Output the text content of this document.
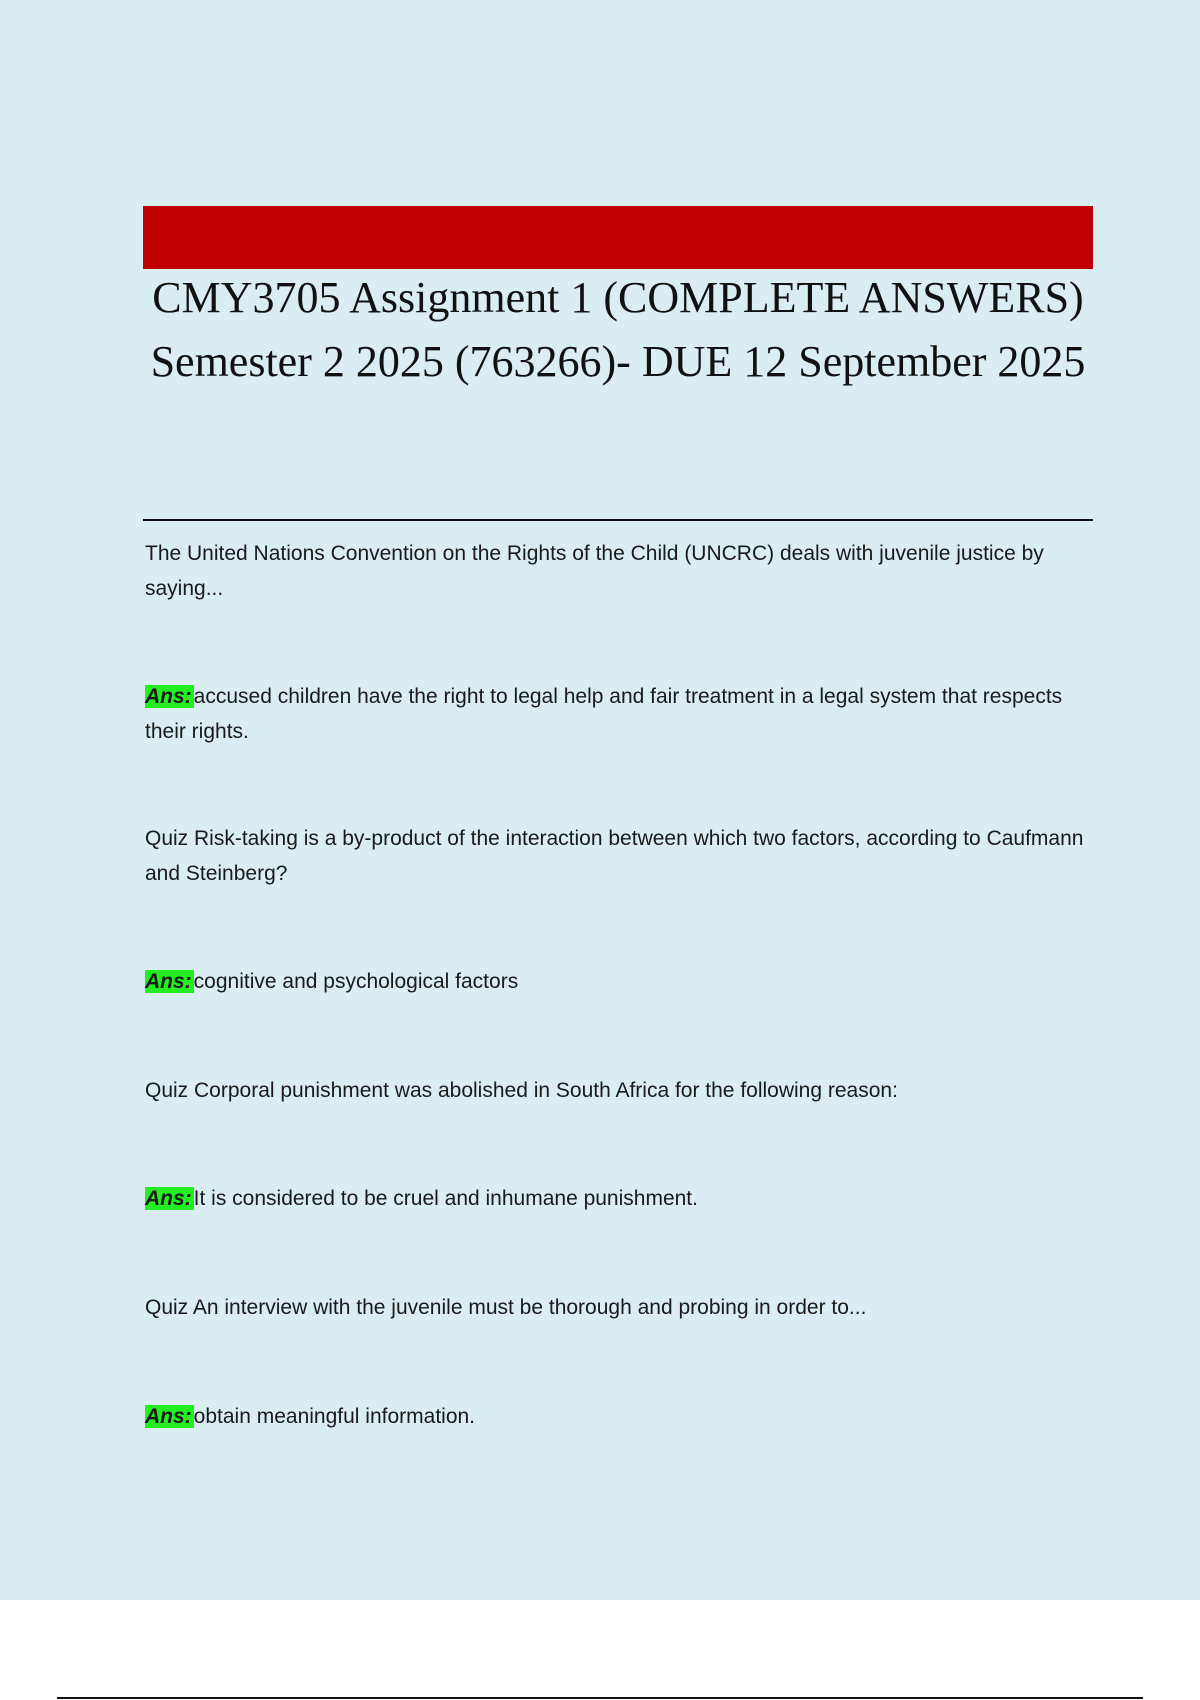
CMY3705 Assignment 1 (COMPLETE ANSWERS) Semester 2 2025 (763266)- DUE 12 September 2025

The United Nations Convention on the Rights of the Child (UNCRC) deals with juvenile justice by saying...

Ans:accused children have the right to legal help and fair treatment in a legal system that respects their rights.

Quiz Risk-taking is a by-product of the interaction between which two factors, according to Caufmann and Steinberg?

Ans:cognitive and psychological factors

Quiz Corporal punishment was abolished in South Africa for the following reason:

Ans:It is considered to be cruel and inhumane punishment.

Quiz An interview with the juvenile must be thorough and probing in order to...

Ans:obtain meaningful information.
